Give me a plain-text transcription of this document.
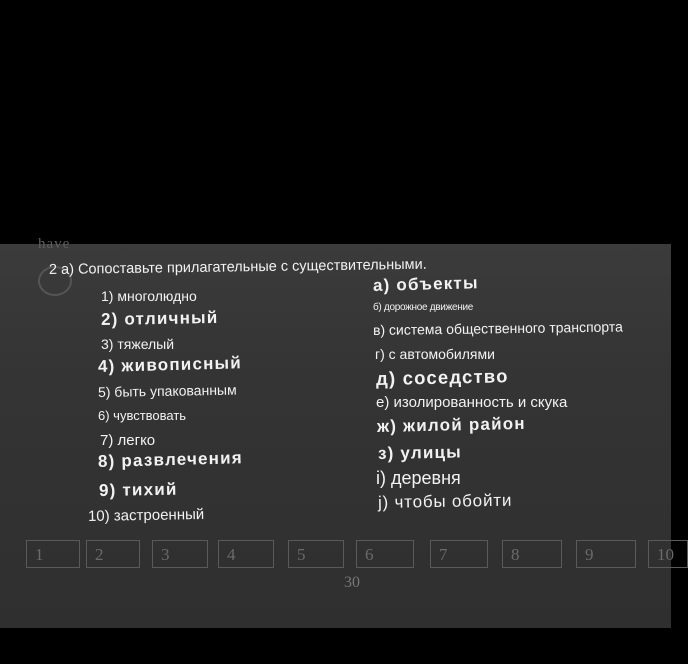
have
2 a) Сопоставьте прилагательные с существительными.
1) многолюдно
2) отличный
3) тяжелый
4) живописный
5) быть упакованным
6) чувствовать
7) легко
8) развлечения
9) тихий
10) застроенный
а) объекты
б) дорожное движение
в) система общественного транспорта
г) с автомобилями
д) соседство
е) изолированность и скука
ж) жилой район
з) улицы
i) деревня
j) чтобы обойти
1	2	3	4	5	6	7	8	9	10
30
